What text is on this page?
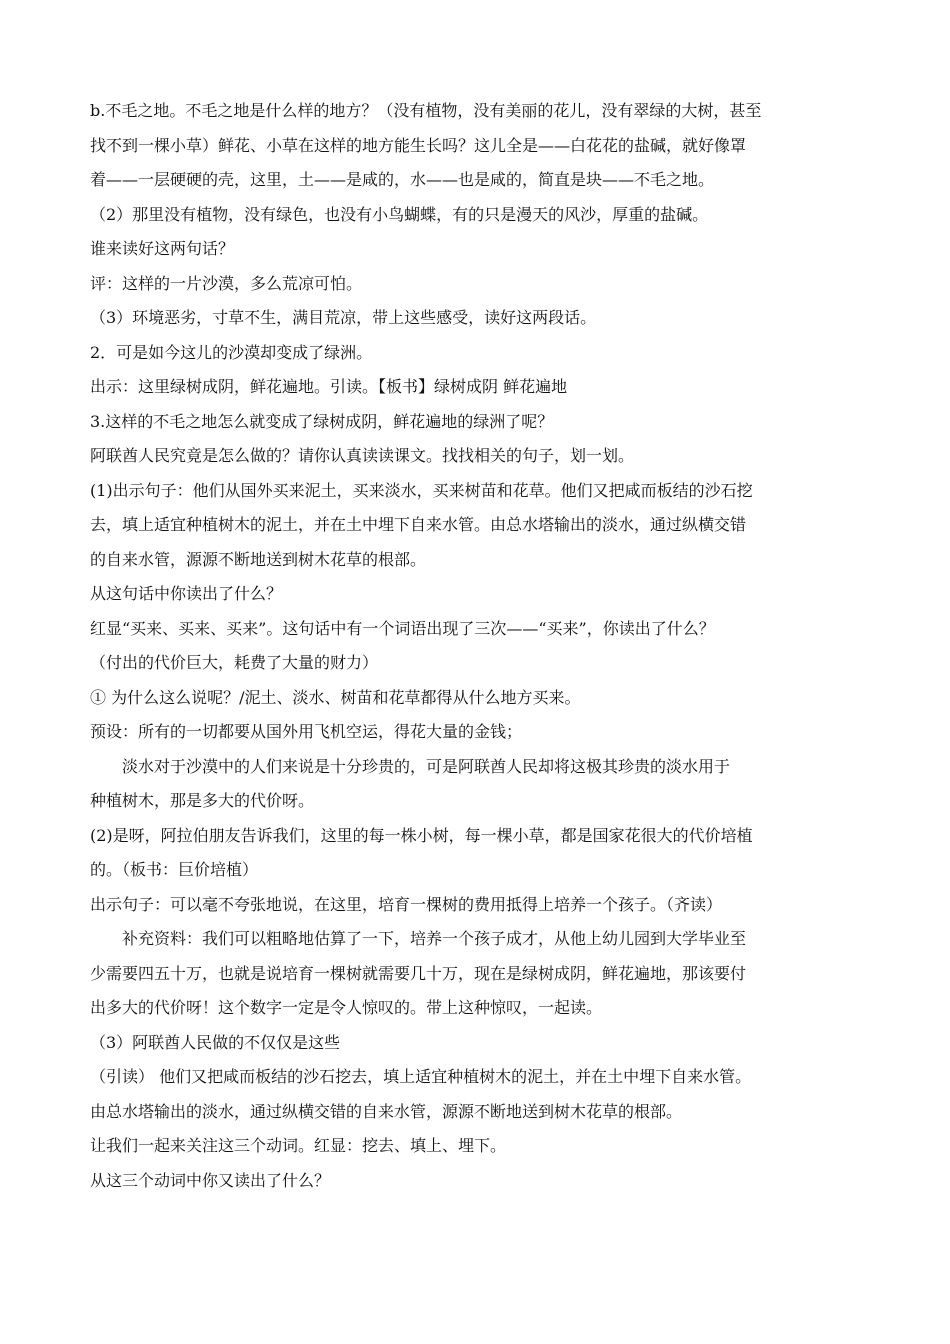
b.不毛之地。不毛之地是什么样的地方？（没有植物，没有美丽的花儿，没有翠绿的大树，甚至

找不到一棵小草）鲜花、小草在这样的地方能生长吗？这儿全是——白花花的盐碱，就好像罩

着——一层硬硬的壳，这里，土——是咸的，水——也是咸的，简直是块——不毛之地。

（2）那里没有植物，没有绿色，也没有小鸟蝴蝶，有的只是漫天的风沙，厚重的盐碱。

谁来读好这两句话？

评：这样的一片沙漠，多么荒凉可怕。

（3）环境恶劣，寸草不生，满目荒凉，带上这些感受，读好这两段话。

2．可是如今这儿的沙漠却变成了绿洲。

出示：这里绿树成阴，鲜花遍地。引读。【板书】绿树成阴 鲜花遍地

3.这样的不毛之地怎么就变成了绿树成阴，鲜花遍地的绿洲了呢？

阿联酋人民究竟是怎么做的？请你认真读读课文。找找相关的句子，划一划。

(1)出示句子：他们从国外买来泥土，买来淡水，买来树苗和花草。他们又把咸而板结的沙石挖

去，填上适宜种植树木的泥土，并在土中埋下自来水管。由总水塔输出的淡水，通过纵横交错

的自来水管，源源不断地送到树木花草的根部。

从这句话中你读出了什么？

红显“买来、买来、买来”。这句话中有一个词语出现了三次——“买来”，你读出了什么？

（付出的代价巨大，耗费了大量的财力）

① 为什么这么说呢？/泥土、淡水、树苗和花草都得从什么地方买来。

预设：所有的一切都要从国外用飞机空运，得花大量的金钱；

淡水对于沙漠中的人们来说是十分珍贵的，可是阿联酋人民却将这极其珍贵的淡水用于

种植树木，那是多大的代价呀。

(2)是呀，阿拉伯朋友告诉我们，这里的每一株小树，每一棵小草，都是国家花很大的代价培植

的。（板书：巨价培植）

出示句子：可以毫不夸张地说，在这里，培育一棵树的费用抵得上培养一个孩子。（齐读）

补充资料：我们可以粗略地估算了一下，培养一个孩子成才，从他上幼儿园到大学毕业至

少需要四五十万，也就是说培育一棵树就需要几十万，现在是绿树成阴，鲜花遍地，那该要付

出多大的代价呀！这个数字一定是令人惊叹的。带上这种惊叹，一起读。

（3）阿联酋人民做的不仅仅是这些

（引读） 他们又把咸而板结的沙石挖去，填上适宜种植树木的泥土，并在土中埋下自来水管。

由总水塔输出的淡水，通过纵横交错的自来水管，源源不断地送到树木花草的根部。

让我们一起来关注这三个动词。红显：挖去、填上、埋下。

从这三个动词中你又读出了什么？
